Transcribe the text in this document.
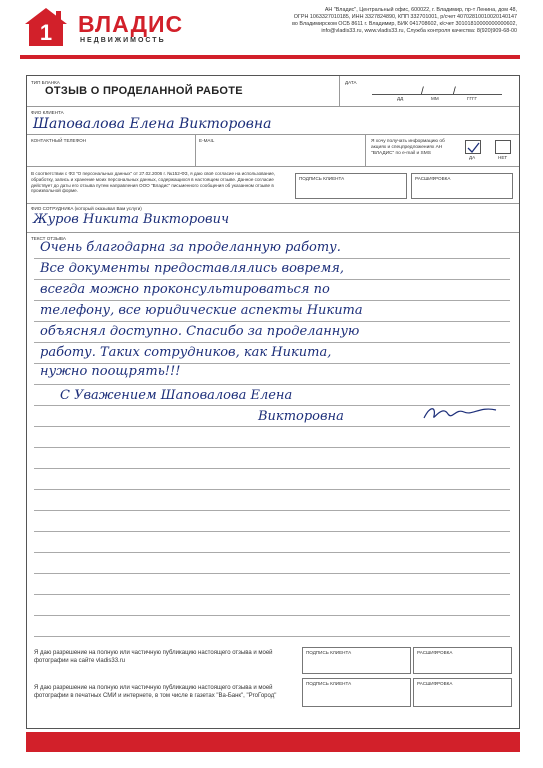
1 ВЛАДИС
НЕДВИЖИМОСТЬ
АН "Владис", Центральный офис, 600022, г. Владимир, пр-т Ленина, дом 48,
ОГРН 1063327010185, ИНН 3327824890, КПП 332701001, р/счет 40702810010020140147
во Владимирском ОСБ 8611 г. Владимир, БИК 041708602, к/счет 30101810000000000602,
info@vladis33.ru, www.vladis33.ru, Служба контроля качества: 8(920)909-68-00
ТИП БЛАНКА
ОТЗЫВ О ПРОДЕЛАННОЙ РАБОТЕ
ДАТА
/	/
ДД	ММ	ГГГГ
ФИО КЛИЕНТА
Шаповалова Елена Викторовна
КОНТАКТНЫЙ ТЕЛЕФОН	E-MAIL	Я хочу получать информацию об акциях и спецпредложениях АН "ВЛАДИС" по e-mail и SMS
ДА	НЕТ
В соответствии с ФЗ "О персональных данных" от 27.02.2006 г. №152-ФЗ, я даю своё согласие на использование, обработку, запись и хранение моих персональных данных, содержащихся в настоящем отзыве. Данное согласие действует до даты его отзыва путем направления ООО "Владис" письменного сообщения об указанном отзыве в произвольной форме.
ПОДПИСЬ КЛИЕНТА	РАСШИФРОВКА
ФИО СОТРУДНИКА (который оказывал Вам услуги)
Журов Никита Викторович
ТЕКСТ ОТЗЫВА
Очень благодарна за проделанную работу.
Все документы предоставлялись вовремя,
всегда можно проконсультироваться по
телефону, все юридические аспекты Никита
объяснял доступно. Спасибо за проделанную
работу. Таких сотрудников, как Никита,
нужно поощрять!!!
С Уважением Шаповалова Елена
Викторовна
Я даю разрешение на полную или частичную публикацию настоящего отзыва и моей фотографии на сайте vladis33.ru
ПОДПИСЬ КЛИЕНТА	РАСШИФРОВКА
Я даю разрешение на полную или частичную публикацию настоящего отзыва и моей фотографии в печатных СМИ и интернете, в том числе в газетах "Ва-Банк", "ProГород"
ПОДПИСЬ КЛИЕНТА	РАСШИФРОВКА
